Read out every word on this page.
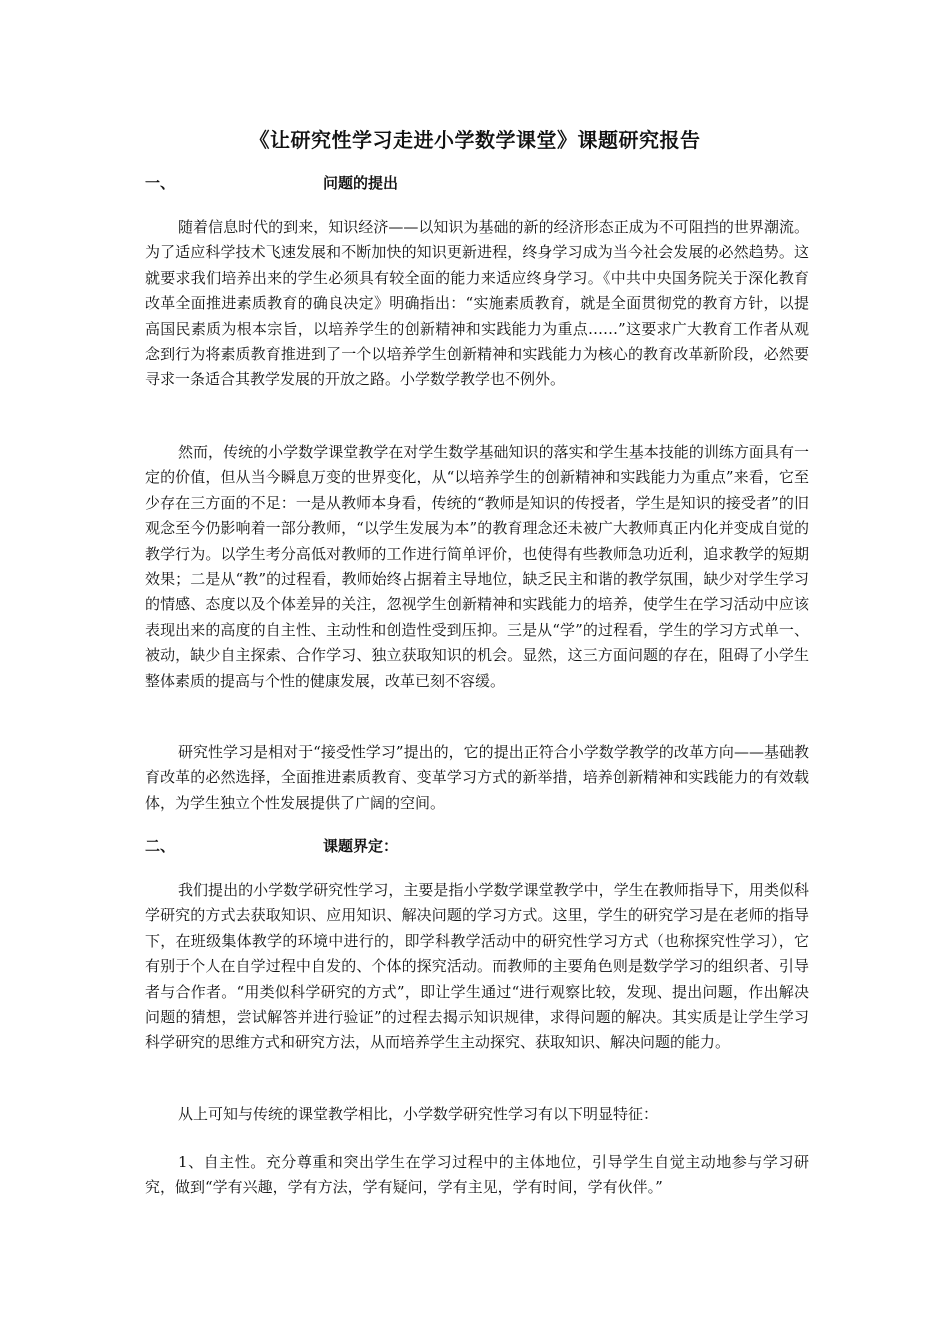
《让研究性学习走进小学数学课堂》课题研究报告
一、	问题的提出

随着信息时代的到来，知识经济——以知识为基础的新的经济形态正成为不可阻挡的世界潮流。为了适应科学技术飞速发展和不断加快的知识更新进程，终身学习成为当今社会发展的必然趋势。这就要求我们培养出来的学生必须具有较全面的能力来适应终身学习。《中共中央国务院关于深化教育改革全面推进素质教育的确良决定》明确指出：“实施素质教育，就是全面贯彻党的教育方针，以提高国民素质为根本宗旨，以培养学生的创新精神和实践能力为重点……”这要求广大教育工作者从观念到行为将素质教育推进到了一个以培养学生创新精神和实践能力为核心的教育改革新阶段，必然要寻求一条适合其教学发展的开放之路。小学数学教学也不例外。

然而，传统的小学数学课堂教学在对学生数学基础知识的落实和学生基本技能的训练方面具有一定的价值，但从当今瞬息万变的世界变化，从“以培养学生的创新精神和实践能力为重点”来看，它至少存在三方面的不足：一是从教师本身看，传统的“教师是知识的传授者，学生是知识的接受者”的旧观念至今仍影响着一部分教师，“以学生发展为本”的教育理念还未被广大教师真正内化并变成自觉的教学行为。以学生考分高低对教师的工作进行简单评价，也使得有些教师急功近利，追求教学的短期效果；二是从“教”的过程看，教师始终占据着主导地位，缺乏民主和谐的教学氛围，缺少对学生学习的情感、态度以及个体差异的关注，忽视学生创新精神和实践能力的培养，使学生在学习活动中应该表现出来的高度的自主性、主动性和创造性受到压抑。三是从“学”的过程看，学生的学习方式单一、被动，缺少自主探索、合作学习、独立获取知识的机会。显然，这三方面问题的存在，阻碍了小学生整体素质的提高与个性的健康发展，改革已刻不容缓。

研究性学习是相对于“接受性学习”提出的，它的提出正符合小学数学教学的改革方向——基础教育改革的必然选择，全面推进素质教育、变革学习方式的新举措，培养创新精神和实践能力的有效载体，为学生独立个性发展提供了广阔的空间。

二、	课题界定：

我们提出的小学数学研究性学习，主要是指小学数学课堂教学中，学生在教师指导下，用类似科学研究的方式去获取知识、应用知识、解决问题的学习方式。这里，学生的研究学习是在老师的指导下，在班级集体教学的环境中进行的，即学科教学活动中的研究性学习方式（也称探究性学习），它有别于个人在自学过程中自发的、个体的探究活动。而教师的主要角色则是数学学习的组织者、引导者与合作者。“用类似科学研究的方式”，即让学生通过“进行观察比较，发现、提出问题，作出解决问题的猜想，尝试解答并进行验证”的过程去揭示知识规律，求得问题的解决。其实质是让学生学习科学研究的思维方式和研究方法，从而培养学生主动探究、获取知识、解决问题的能力。

从上可知与传统的课堂教学相比，小学数学研究性学习有以下明显特征：

1、自主性。充分尊重和突出学生在学习过程中的主体地位，引导学生自觉主动地参与学习研究，做到“学有兴趣，学有方法，学有疑问，学有主见，学有时间，学有伙伴。”
